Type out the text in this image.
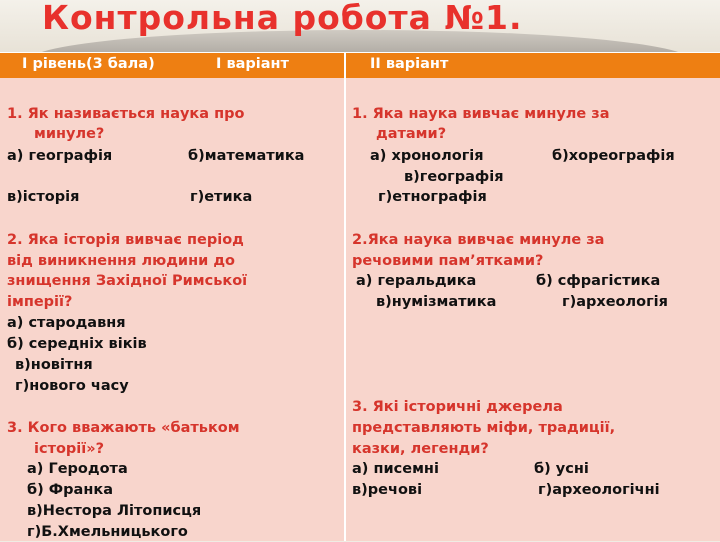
Контрольна робота №1.
І рівень(3 бала)	І варіант	ІІ варіант
1. Як називається наука про
минуле?
а) географія	б)математика
в)історія	г)етика
2. Яка історія вивчає період
від виникнення людини до
знищення Західної Римської
імперії?
а) стародавня
б) середніх віків
в)новітня
г)нового часу
3. Кого вважають «батьком
історії»?
а) Геродота
б) Франка
в)Нестора Літописця
г)Б.Хмельницького
1. Яка наука вивчає минуле за
датами?
а) хронологія	б)хореографія
в)географія
г)етнографія
2.Яка наука вивчає минуле за
речовими пам’ятками?
а) геральдика	б) сфрагістика
в)нумізматика	г)археологія
3. Які історичні джерела
представляють міфи, традиції,
казки, легенди?
а) писемні	б) усні
в)речові	г)археологічні
